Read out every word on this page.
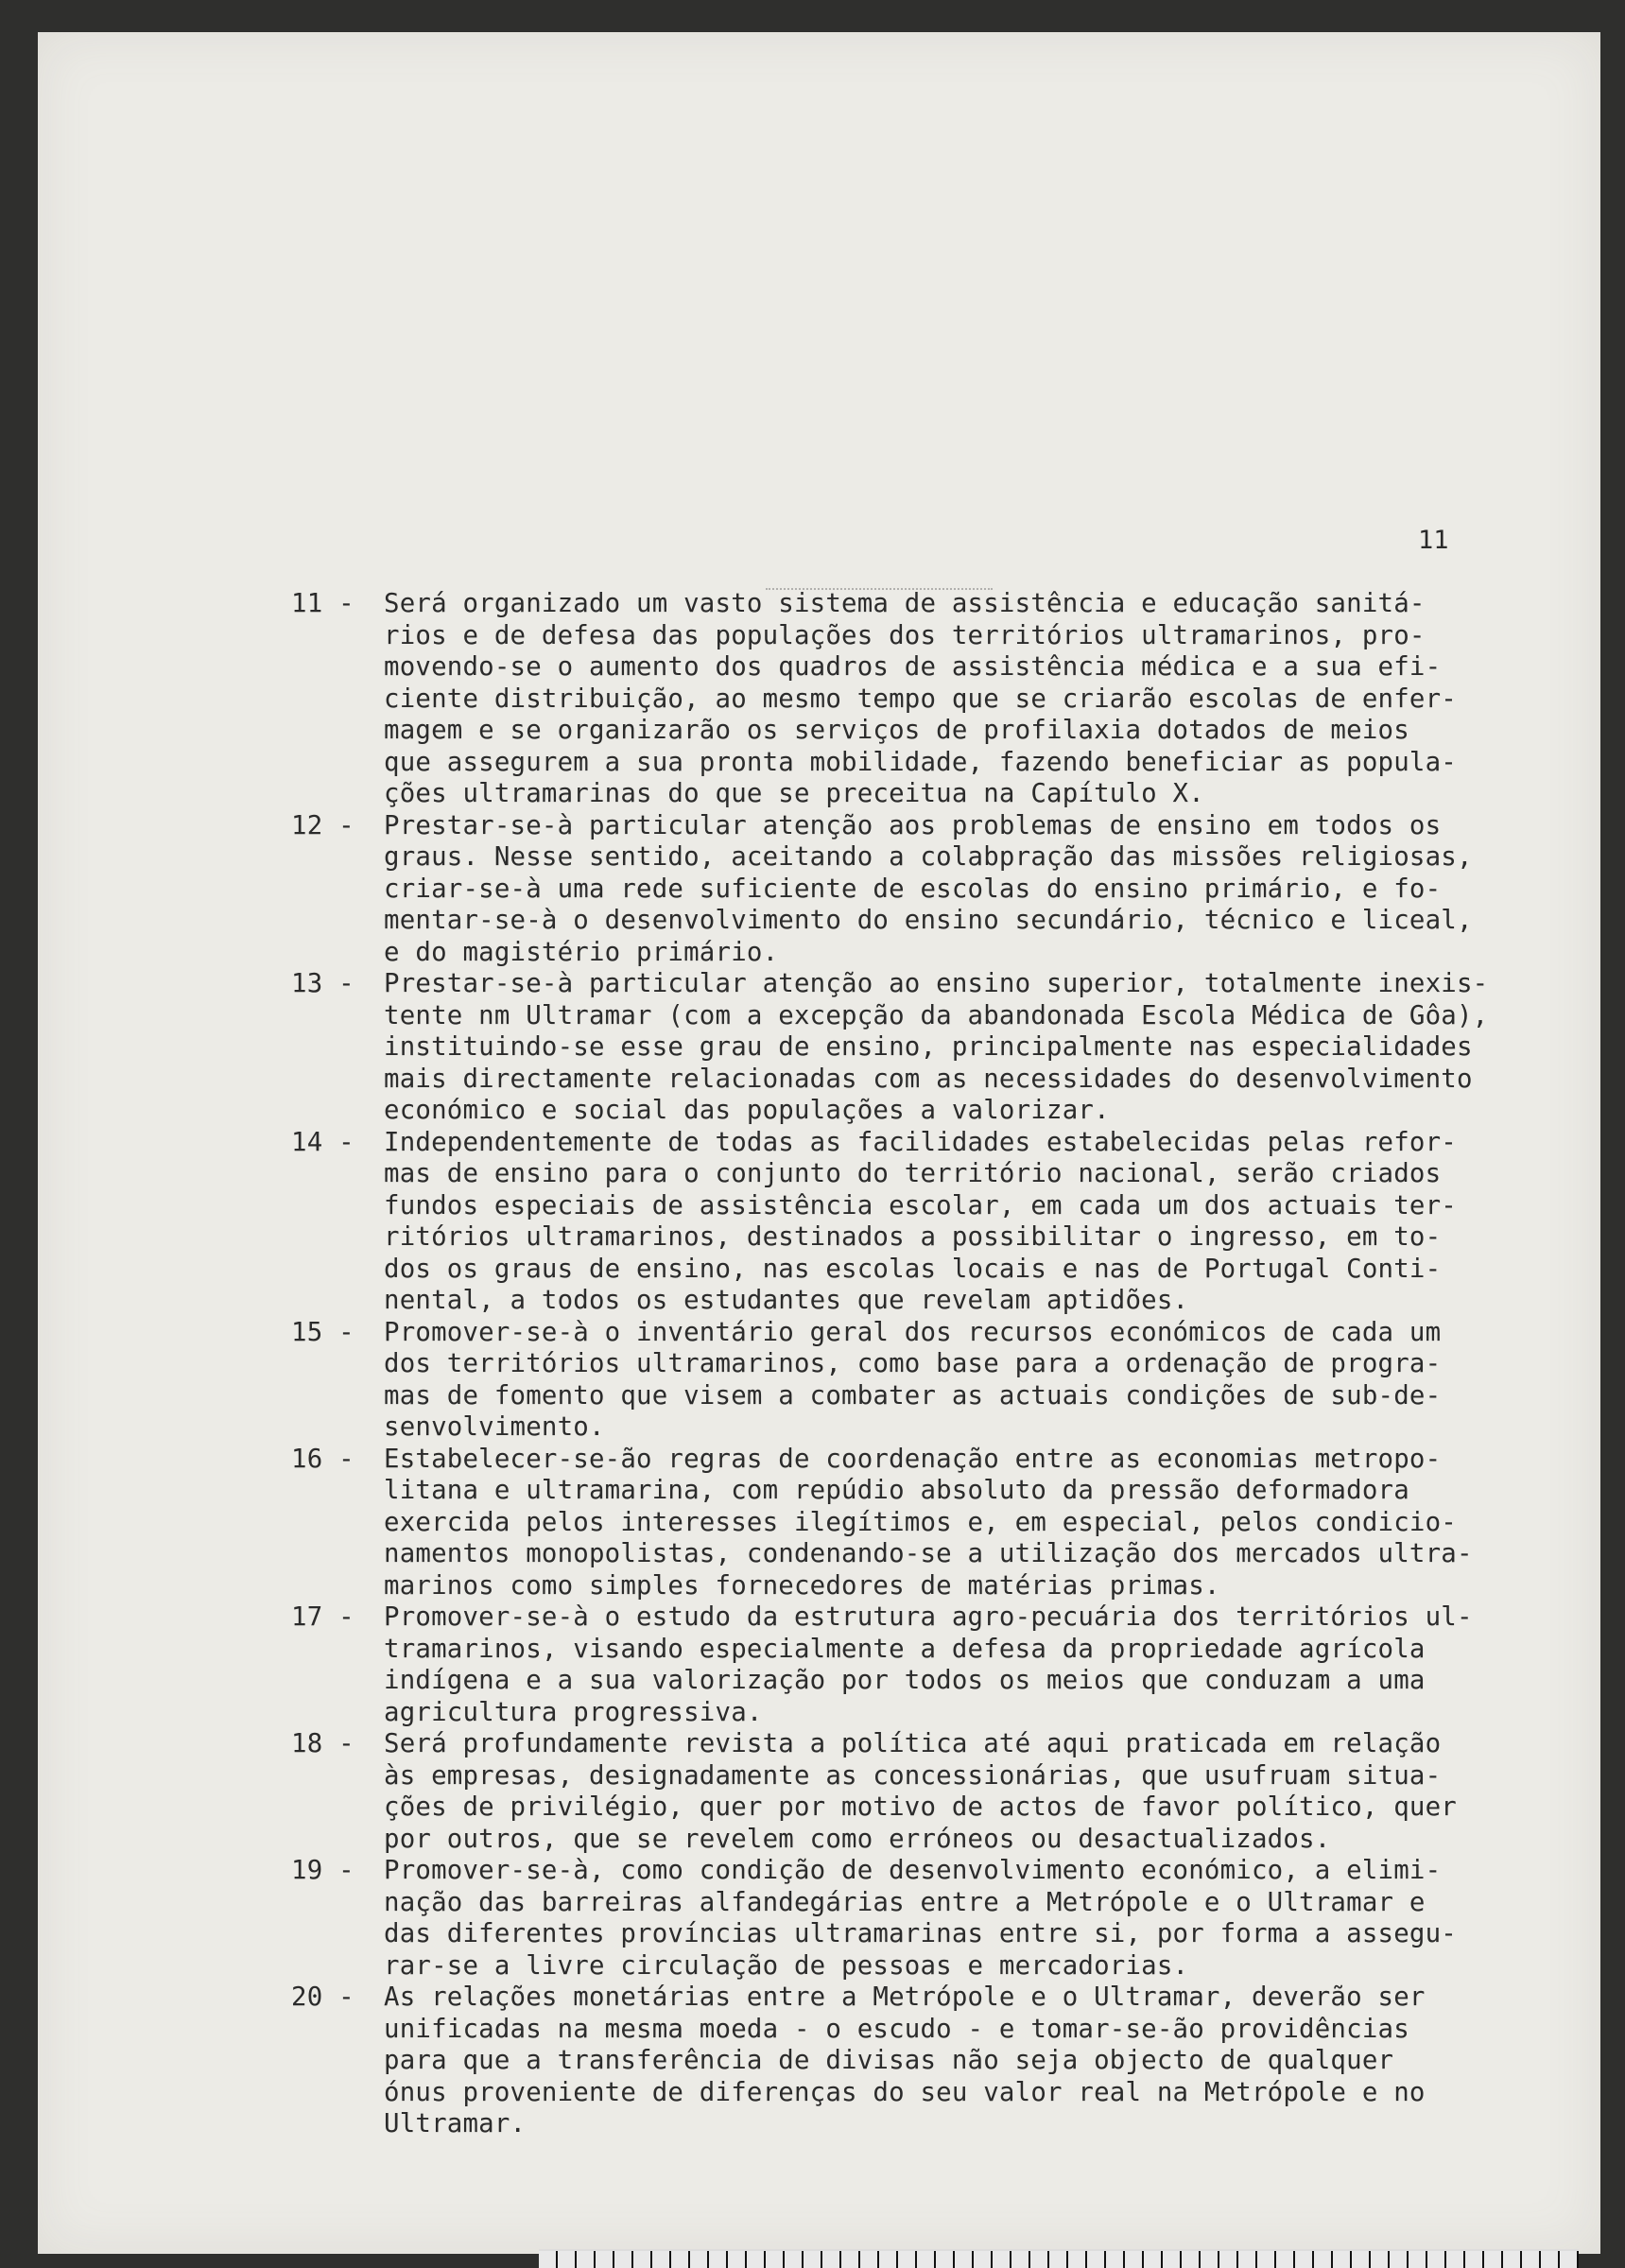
11
11 -	Será organizado um vasto sistema de assistência e educação sanitá-
rios e de defesa das populações dos territórios ultramarinos, pro-
movendo-se o aumento dos quadros de assistência médica e a sua efi-
ciente distribuição, ao mesmo tempo que se criarão escolas de enfer-
magem e se organizarão os serviços de profilaxia dotados de meios
que assegurem a sua pronta mobilidade, fazendo beneficiar as popula-
ções ultramarinas do que se preceitua na Capítulo X.
12 -	Prestar-se-à particular atenção aos problemas de ensino em todos os
graus. Nesse sentido, aceitando a colabpração das missões religiosas,
criar-se-à uma rede suficiente de escolas do ensino primário, e fo-
mentar-se-à o desenvolvimento do ensino secundário, técnico e liceal,
e do magistério primário.
13 -	Prestar-se-à particular atenção ao ensino superior, totalmente inexis-
tente nm Ultramar (com a excepção da abandonada Escola Médica de Gôa),
instituindo-se esse grau de ensino, principalmente nas especialidades
mais directamente relacionadas com as necessidades do desenvolvimento
económico e social das populações a valorizar.
14 -	Independentemente de todas as facilidades estabelecidas pelas refor-
mas de ensino para o conjunto do território nacional, serão criados
fundos especiais de assistência escolar, em cada um dos actuais ter-
ritórios ultramarinos, destinados a possibilitar o ingresso, em to-
dos os graus de ensino, nas escolas locais e nas de Portugal Conti-
nental, a todos os estudantes que revelam aptidões.
15 -	Promover-se-à o inventário geral dos recursos económicos de cada um
dos territórios ultramarinos, como base para a ordenação de progra-
mas de fomento que visem a combater as actuais condições de sub-de-
senvolvimento.
16 -	Estabelecer-se-ão regras de coordenação entre as economias metropo-
litana e ultramarina, com repúdio absoluto da pressão deformadora
exercida pelos interesses ilegítimos e, em especial, pelos condicio-
namentos monopolistas, condenando-se a utilização dos mercados ultra-
marinos como simples fornecedores de matérias primas.
17 -	Promover-se-à o estudo da estrutura agro-pecuária dos territórios ul-
tramarinos, visando especialmente a defesa da propriedade agrícola
indígena e a sua valorização por todos os meios que conduzam a uma
agricultura progressiva.
18 -	Será profundamente revista a política até aqui praticada em relação
às empresas, designadamente as concessionárias, que usufruam situa-
ções de privilégio, quer por motivo de actos de favor político, quer
por outros, que se revelem como erróneos ou desactualizados.
19 -	Promover-se-à, como condição de desenvolvimento económico, a elimi-
nação das barreiras alfandegárias entre a Metrópole e o Ultramar e
das diferentes províncias ultramarinas entre si, por forma a assegu-
rar-se a livre circulação de pessoas e mercadorias.
20 -	As relações monetárias entre a Metrópole e o Ultramar, deverão ser
unificadas na mesma moeda - o escudo - e tomar-se-ão providências
para que a transferência de divisas não seja objecto de qualquer
ónus proveniente de diferenças do seu valor real na Metrópole e no
Ultramar.
